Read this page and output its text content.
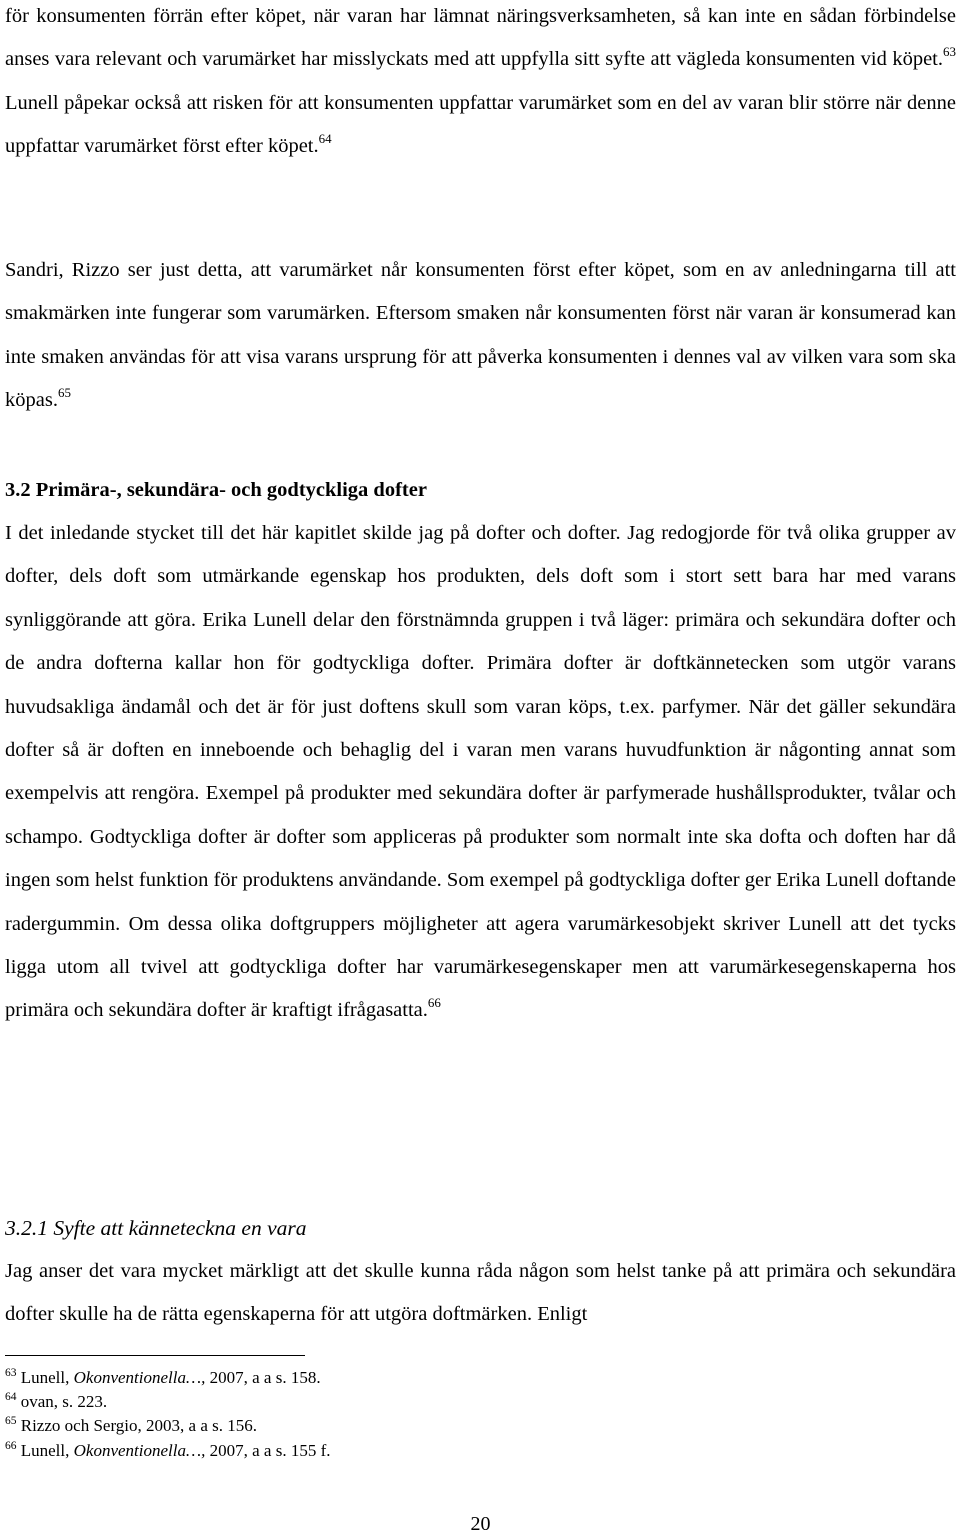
för konsumenten förrän efter köpet, när varan har lämnat näringsverksamheten, så kan inte en sådan förbindelse anses vara relevant och varumärket har misslyckats med att uppfylla sitt syfte att vägleda konsumenten vid köpet.$^{63}$ Lunell påpekar också att risken för att konsumenten uppfattar varumärket som en del av varan blir större när denne uppfattar varumärket först efter köpet.$^{64}$

Sandri, Rizzo ser just detta, att varumärket når konsumenten först efter köpet, som en av anledningarna till att smakmärken inte fungerar som varumärken. Eftersom smaken når konsumenten först när varan är konsumerad kan inte smaken användas för att visa varans ursprung för att påverka konsumenten i dennes val av vilken vara som ska köpas.$^{65}$

3.2 Primära-, sekundära- och godtyckliga dofter

I det inledande stycket till det här kapitlet skilde jag på dofter och dofter. Jag redogjorde för två olika grupper av dofter, dels doft som utmärkande egenskap hos produkten, dels doft som i stort sett bara har med varans synliggörande att göra. Erika Lunell delar den förstnämnda gruppen i två läger: primära och sekundära dofter och de andra dofterna kallar hon för godtyckliga dofter. Primära dofter är doftkännetecken som utgör varans huvudsakliga ändamål och det är för just doftens skull som varan köps, t.ex. parfymer. När det gäller sekundära dofter så är doften en inneboende och behaglig del i varan men varans huvudfunktion är någonting annat som exempelvis att rengöra. Exempel på produkter med sekundära dofter är parfymerade hushållsprodukter, tvålar och schampo. Godtyckliga dofter är dofter som appliceras på produkter som normalt inte ska dofta och doften har då ingen som helst funktion för produktens användande. Som exempel på godtyckliga dofter ger Erika Lunell doftande radergummin. Om dessa olika doftgruppers möjligheter att agera varumärkesobjekt skriver Lunell att det tycks ligga utom all tvivel att godtyckliga dofter har varumärkesegenskaper men att varumärkesegenskaperna hos primära och sekundära dofter är kraftigt ifrågasatta.$^{66}$

3.2.1 Syfte att känneteckna en vara

Jag anser det vara mycket märkligt att det skulle kunna råda någon som helst tanke på att primära och sekundära dofter skulle ha de rätta egenskaperna för att utgöra doftmärken. Enligt

$^{63}$ Lunell, Okonventionella…, 2007, a a s. 158.
$^{64}$ ovan, s. 223.
$^{65}$ Rizzo och Sergio, 2003, a a s. 156.
$^{66}$ Lunell, Okonventionella…, 2007, a a s. 155 f.
20
